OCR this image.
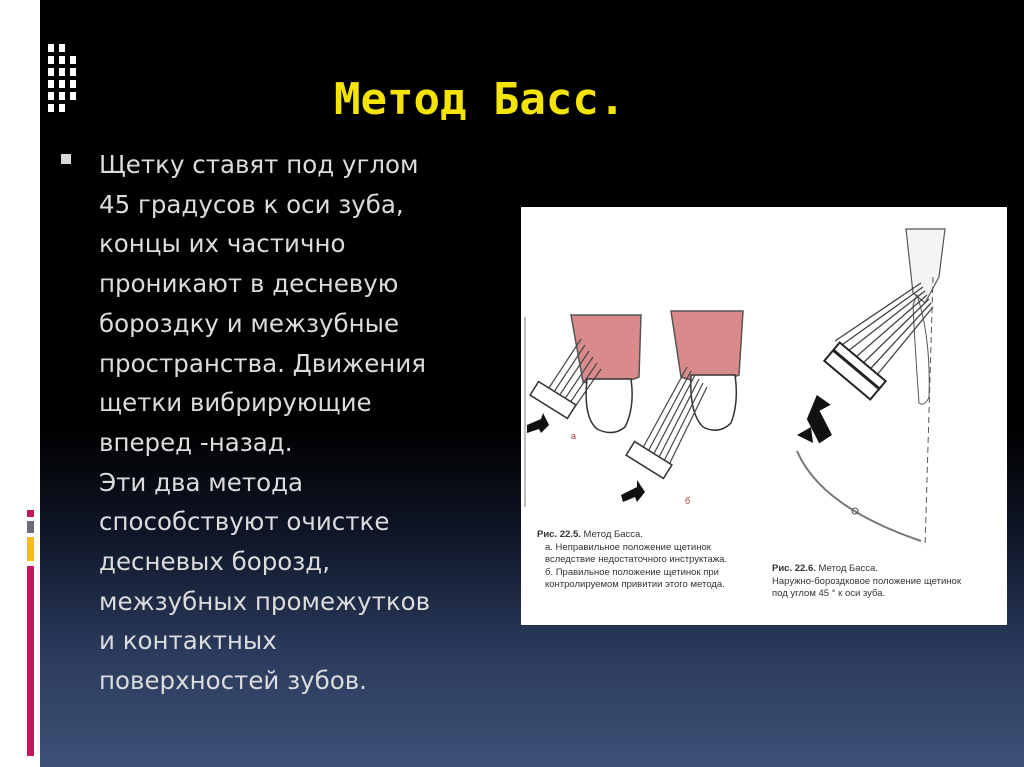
Метод Басс.
Щетку ставят под углом
45 градусов к оси зуба,
концы их частично
проникают в десневую
бороздку и межзубные
пространства. Движения
щетки вибрирующие
вперед -назад.
Эти два метода
способствуют очистке
десневых борозд,
межзубных промежутков
и контактных
поверхностей зубов.
а
б
Рис. 22.5. Метод Басса.
а. Неправильное положение щетинок
вследствие недостаточного инструктажа.
б. Правильное положение щетинок при
контролируемом привитии этого метода.
Рис. 22.6. Метод Басса.
Наружно-бороздковое положение щетинок
под углом 45 ° к оси зуба.
